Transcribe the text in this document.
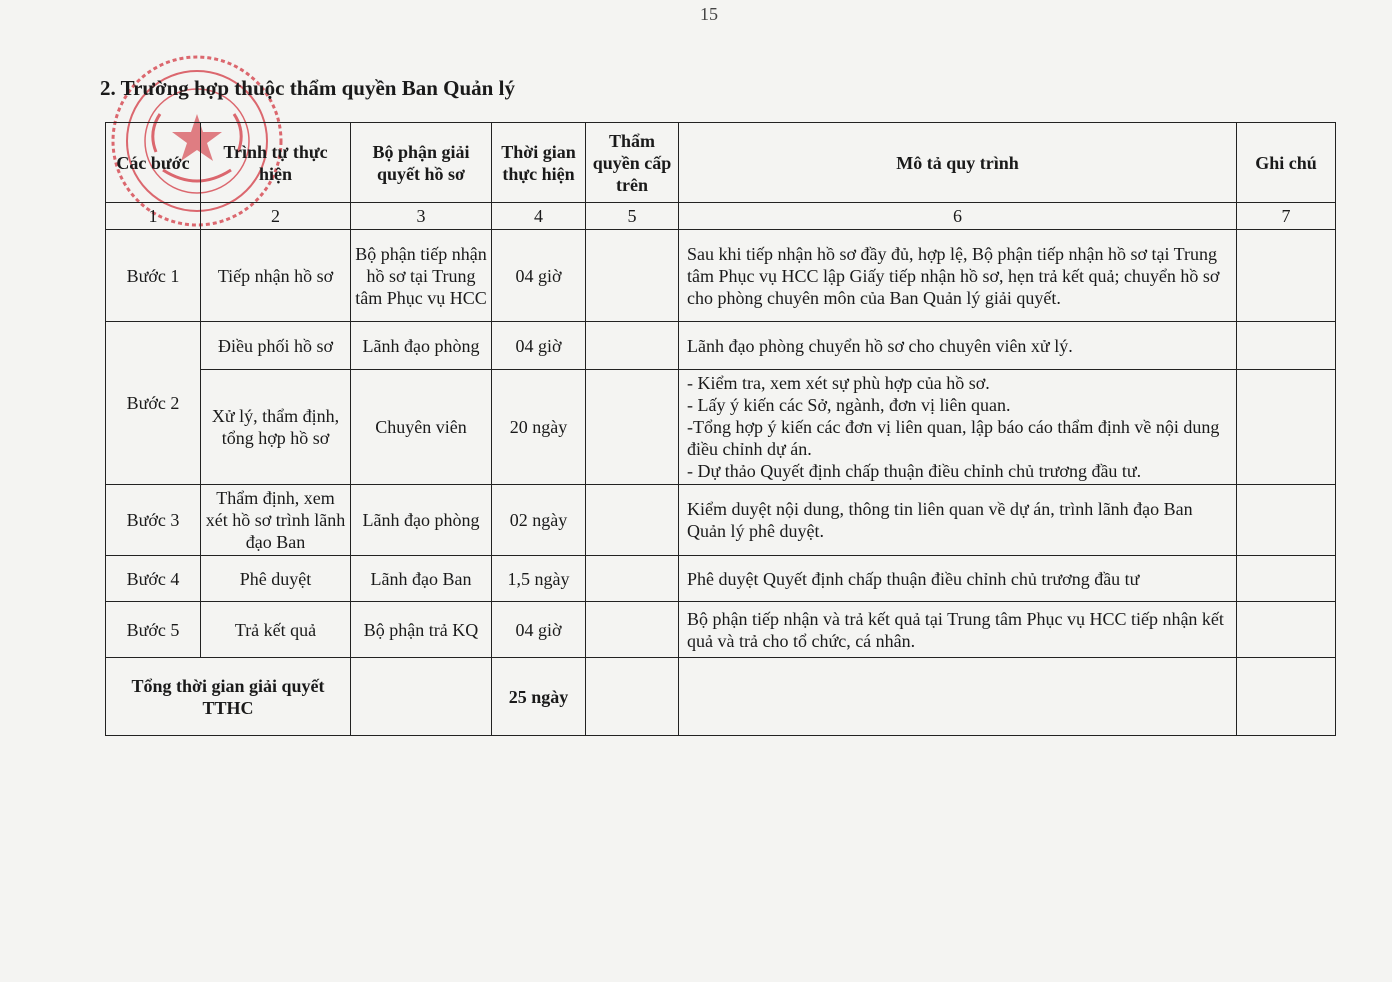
15
2. Trường hợp thuộc thẩm quyền Ban Quản lý
Các bước	Trình tự thực hiện	Bộ phận giải quyết hồ sơ	Thời gian thực hiện	Thẩm quyền cấp trên	Mô tả quy trình	Ghi chú
1	2	3	4	5	6	7
Bước 1	Tiếp nhận hồ sơ	Bộ phận tiếp nhận hồ sơ tại Trung tâm Phục vụ HCC	04 giờ		Sau khi tiếp nhận hồ sơ đầy đủ, hợp lệ, Bộ phận tiếp nhận hồ sơ tại Trung tâm Phục vụ HCC lập Giấy tiếp nhận hồ sơ, hẹn trả kết quả; chuyển hồ sơ cho phòng chuyên môn của Ban Quản lý giải quyết.	
Bước 2	Điều phối hồ sơ	Lãnh đạo phòng	04 giờ		Lãnh đạo phòng chuyển hồ sơ cho chuyên viên xử lý.	
	Xử lý, thẩm định, tổng hợp hồ sơ	Chuyên viên	20 ngày		- Kiểm tra, xem xét sự phù hợp của hồ sơ.
- Lấy ý kiến các Sở, ngành, đơn vị liên quan.
-Tổng hợp ý kiến các đơn vị liên quan, lập báo cáo thẩm định về nội dung điều chỉnh dự án.
- Dự thảo Quyết định chấp thuận điều chỉnh chủ trương đầu tư.	

Bước 3	Thẩm định, xem xét hồ sơ trình lãnh đạo Ban	Lãnh đạo phòng	02 ngày		Kiểm duyệt nội dung, thông tin liên quan về dự án, trình lãnh đạo Ban Quản lý phê duyệt.	
Bước 4	Phê duyệt	Lãnh đạo Ban	1,5 ngày		Phê duyệt Quyết định chấp thuận điều chỉnh chủ trương đầu tư	
Bước 5	Trả kết quả	Bộ phận trả KQ	04 giờ		Bộ phận tiếp nhận và trả kết quả tại Trung tâm Phục vụ HCC tiếp nhận kết quả và trả cho tổ chức, cá nhân.	
Tổng thời gian giải quyết TTHC			25 ngày			
